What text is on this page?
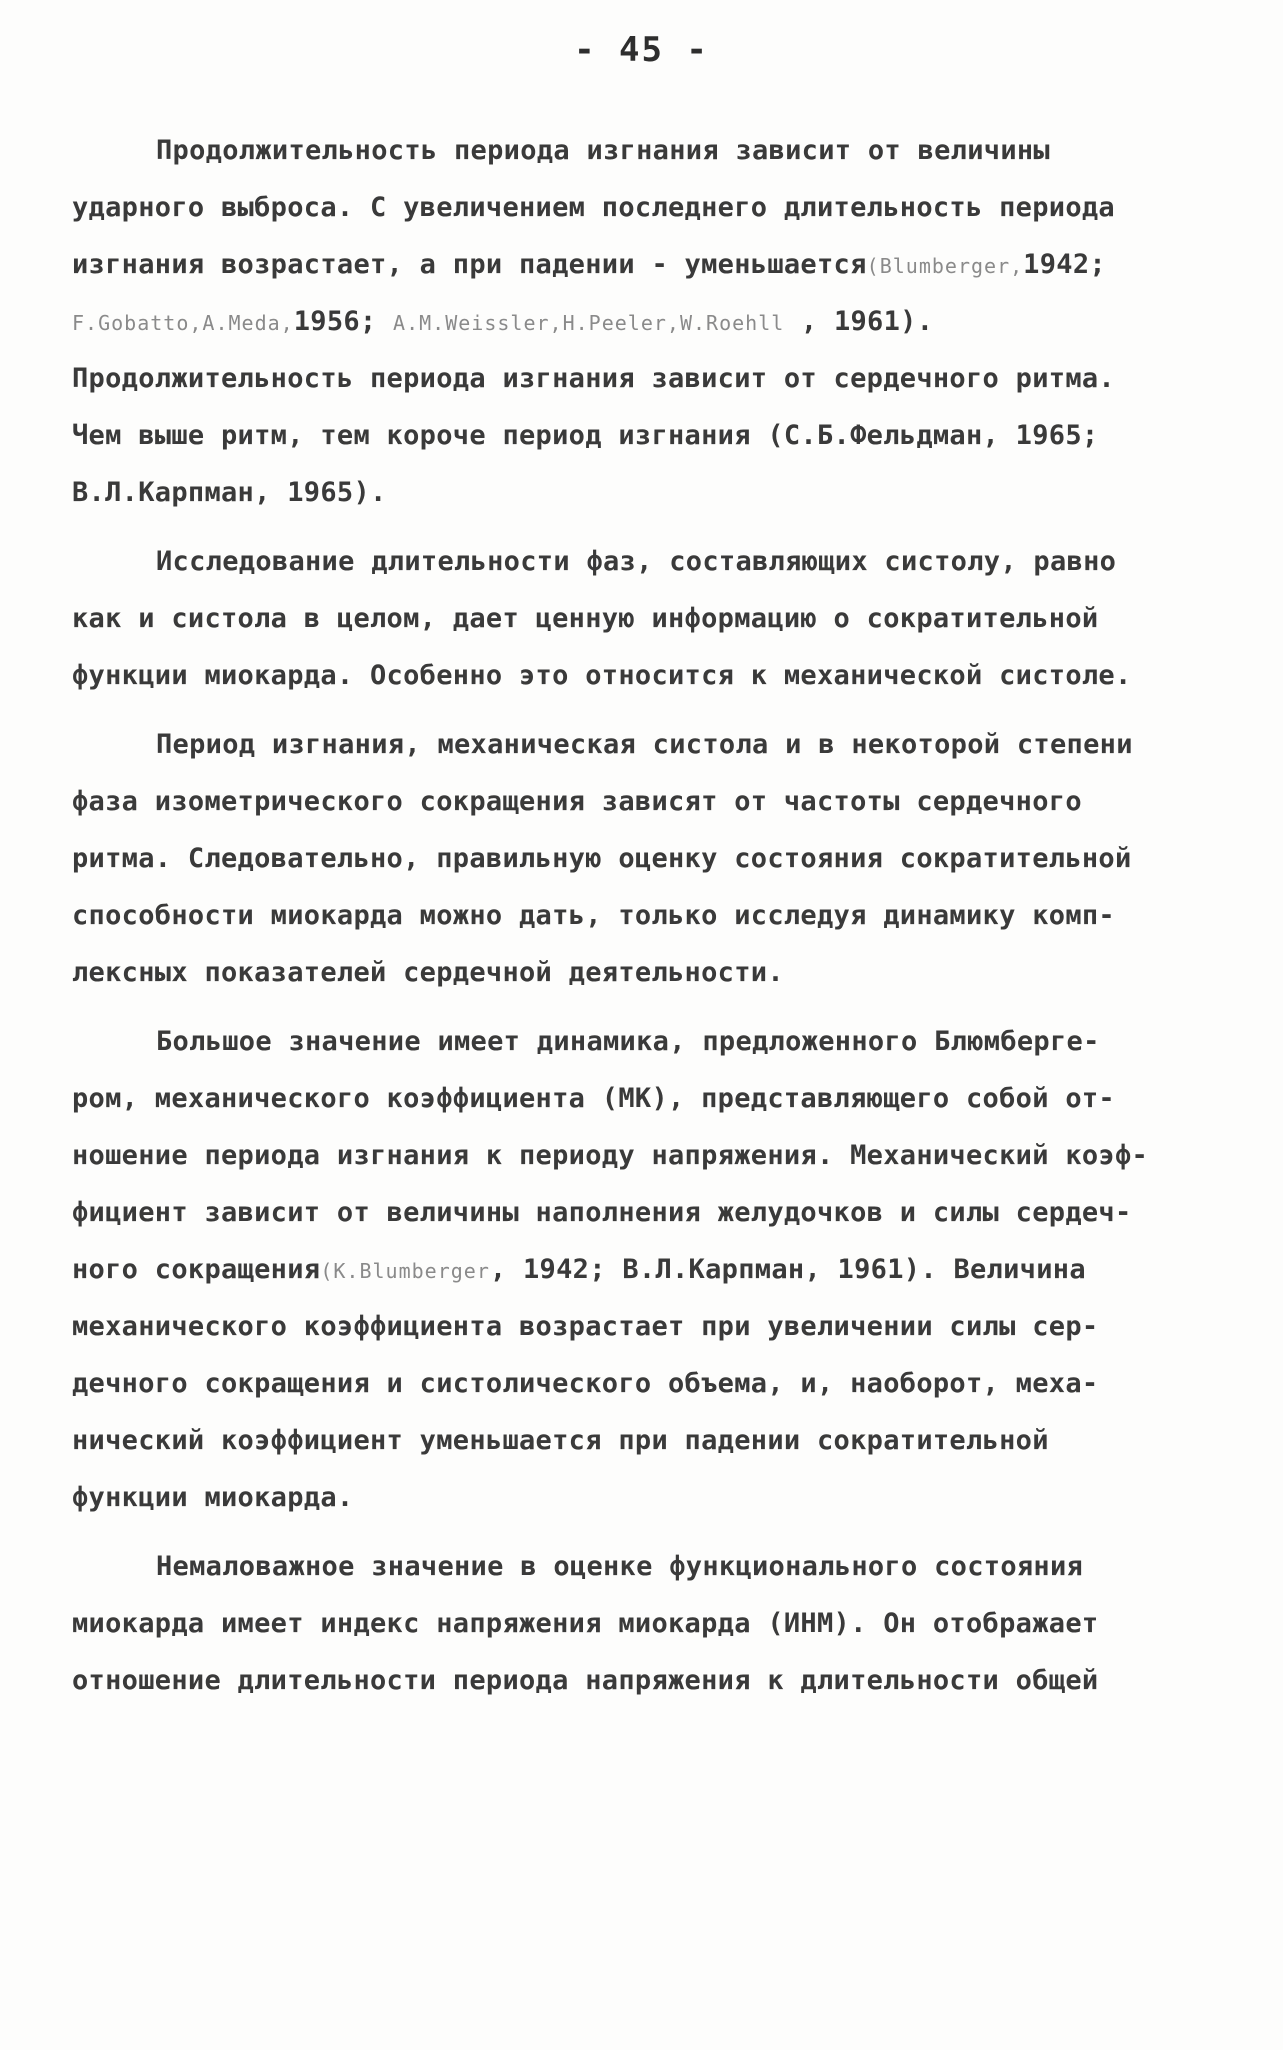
- 45 -
Продолжительность периода изгнания зависит от величины
ударного выброса. С увеличением последнего длительность периода
изгнания возрастает, а при падении - уменьшается(Blumberger,1942;
F.Gobatto,A.Meda,1956; A.M.Weissler,H.Peeler,W.Roehll , 1961).
Продолжительность периода изгнания зависит от сердечного ритма.
Чем выше ритм, тем короче период изгнания (С.Б.Фельдман, 1965;
В.Л.Карпман, 1965).
Исследование длительности фаз, составляющих систолу, равно
как и систола в целом, дает ценную информацию о сократительной
функции миокарда. Особенно это относится к механической систоле.
Период изгнания, механическая систола и в некоторой степени
фаза изометрического сокращения зависят от частоты сердечного
ритма. Следовательно, правильную оценку состояния сократительной
способности миокарда можно дать, только исследуя динамику комп-
лексных показателей сердечной деятельности.
Большое значение имеет динамика, предложенного Блюмберге-
ром, механического коэффициента (МК), представляющего собой от-
ношение периода изгнания к периоду напряжения. Механический коэф-
фициент зависит от величины наполнения желудочков и силы сердеч-
ного сокращения(K.Blumberger, 1942; В.Л.Карпман, 1961). Величина
механического коэффициента возрастает при увеличении силы сер-
дечного сокращения и систолического объема, и, наоборот, меха-
нический коэффициент уменьшается при падении сократительной
функции миокарда.
Немаловажное значение в оценке функционального состояния
миокарда имеет индекс напряжения миокарда (ИНМ). Он отображает
отношение длительности периода напряжения к длительности общей
